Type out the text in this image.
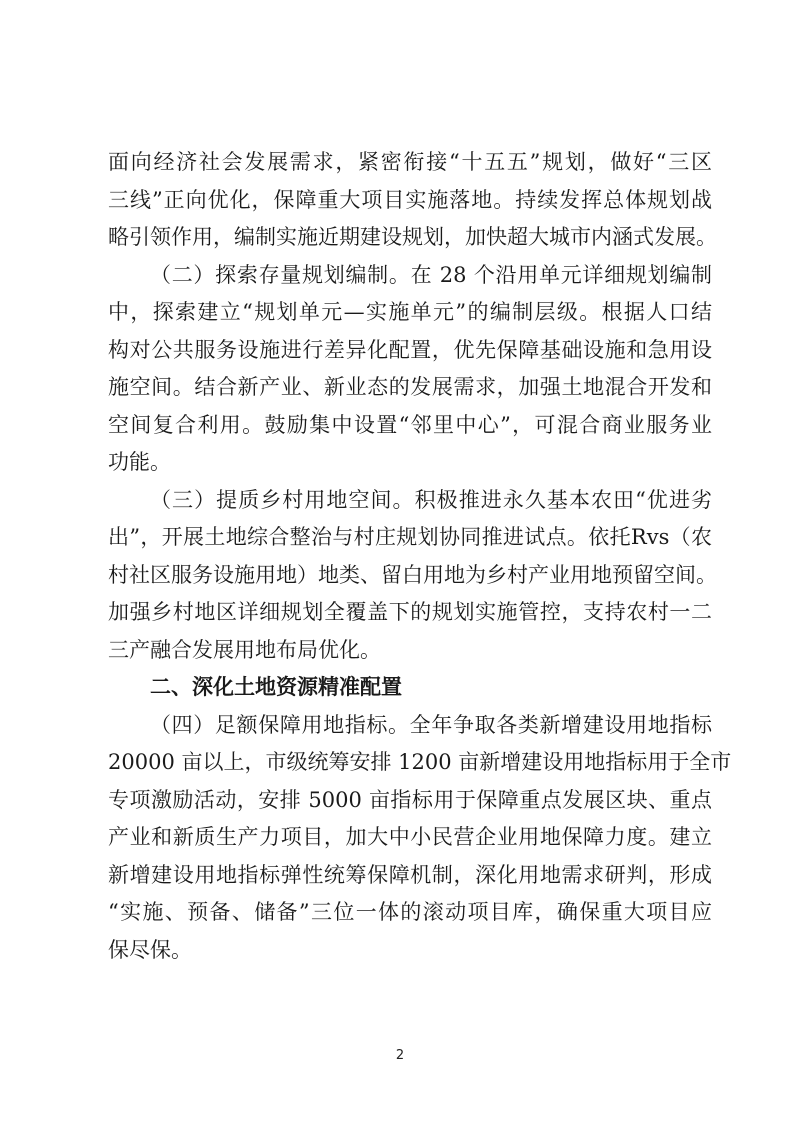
面向经济社会发展需求，紧密衔接“十五五”规划，做好“三区
三线”正向优化，保障重大项目实施落地。持续发挥总体规划战
略引领作用，编制实施近期建设规划，加快超大城市内涵式发展。
（二）探索存量规划编制。在 28 个沿用单元详细规划编制
中，探索建立“规划单元—实施单元”的编制层级。根据人口结
构对公共服务设施进行差异化配置，优先保障基础设施和急用设
施空间。结合新产业、新业态的发展需求，加强土地混合开发和
空间复合利用。鼓励集中设置“邻里中心”，可混合商业服务业
功能。
（三）提质乡村用地空间。积极推进永久基本农田“优进劣
出”，开展土地综合整治与村庄规划协同推进试点。依托Rvs（农
村社区服务设施用地）地类、留白用地为乡村产业用地预留空间。
加强乡村地区详细规划全覆盖下的规划实施管控，支持农村一二
三产融合发展用地布局优化。
二、深化土地资源精准配置
（四）足额保障用地指标。全年争取各类新增建设用地指标
20000 亩以上，市级统筹安排 1200 亩新增建设用地指标用于全市
专项激励活动，安排 5000 亩指标用于保障重点发展区块、重点
产业和新质生产力项目，加大中小民营企业用地保障力度。建立
新增建设用地指标弹性统筹保障机制，深化用地需求研判，形成
“实施、预备、储备”三位一体的滚动项目库，确保重大项目应
保尽保。
2
